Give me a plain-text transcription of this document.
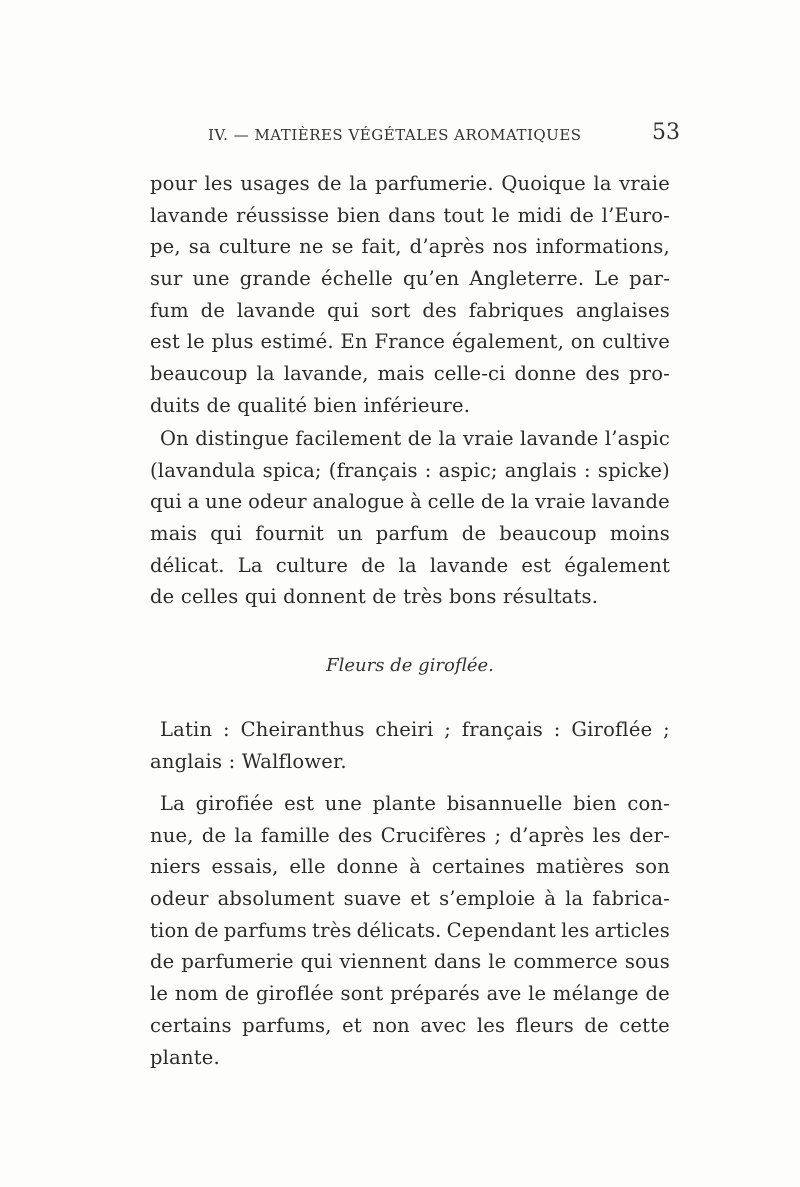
IV. — MATIÈRES VÉGÉTALES AROMATIQUES	53
pour les usages de la parfumerie. Quoique la vraie
lavande réussisse bien dans tout le midi de l’Euro-
pe, sa culture ne se fait, d’après nos informations,
sur une grande échelle qu’en Angleterre. Le par-
fum de lavande qui sort des fabriques anglaises
est le plus estimé. En France également, on cultive
beaucoup la lavande, mais celle-ci donne des pro-
duits de qualité bien inférieure.
On distingue facilement de la vraie lavande l’aspic
(lavandula spica; (français : aspic; anglais : spicke)
qui a une odeur analogue à celle de la vraie lavande
mais qui fournit un parfum de beaucoup moins
délicat. La culture de la lavande est également
de celles qui donnent de très bons résultats.
Fleurs de giroflée.
Latin : Cheiranthus cheiri ; français : Giroflée ;
anglais : Walflower.
La girofiée est une plante bisannuelle bien con-
nue, de la famille des Crucifères ; d’après les der-
niers essais, elle donne à certaines matières son
odeur absolument suave et s’emploie à la fabrica-
tion de parfums très délicats. Cependant les articles
de parfumerie qui viennent dans le commerce sous
le nom de giroflée sont préparés ave le mélange de
certains parfums, et non avec les fleurs de cette
plante.
